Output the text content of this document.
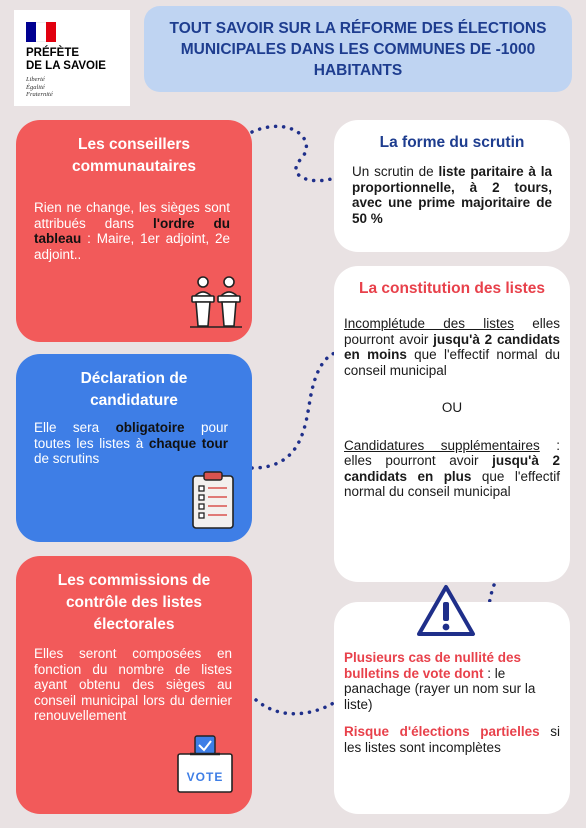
PRÉFÈTE
DE LA SAVOIE
Liberté
Égalité
Fraternité
TOUT SAVOIR SUR LA RÉFORME DES ÉLECTIONS MUNICIPALES DANS LES COMMUNES DE -1000 HABITANTS
Les conseillers communautaires
Rien ne change, les sièges sont attribués dans l'ordre du tableau : Maire, 1er adjoint, 2e adjoint..
Déclaration de candidature
Elle sera obligatoire pour toutes les listes à chaque tour de scrutins
Les commissions de contrôle des listes électorales
Elles seront composées en fonction du nombre de listes ayant obtenu des sièges au conseil municipal lors du dernier renouvellement
VOTE
La forme du scrutin
Un scrutin de liste paritaire à la proportionnelle, à 2 tours, avec une prime majoritaire de 50 %
La constitution des listes
Incomplétude des listes elles pourront avoir jusqu'à 2 candidats en moins que l'effectif normal du conseil municipal
OU
Candidatures supplémentaires : elles pourront avoir jusqu'à 2 candidats en plus que l'effectif normal du conseil municipal
Plusieurs cas de nullité des bulletins de vote dont : le panachage (rayer un nom sur la liste)
Risque d'élections partielles si les listes sont incomplètes
